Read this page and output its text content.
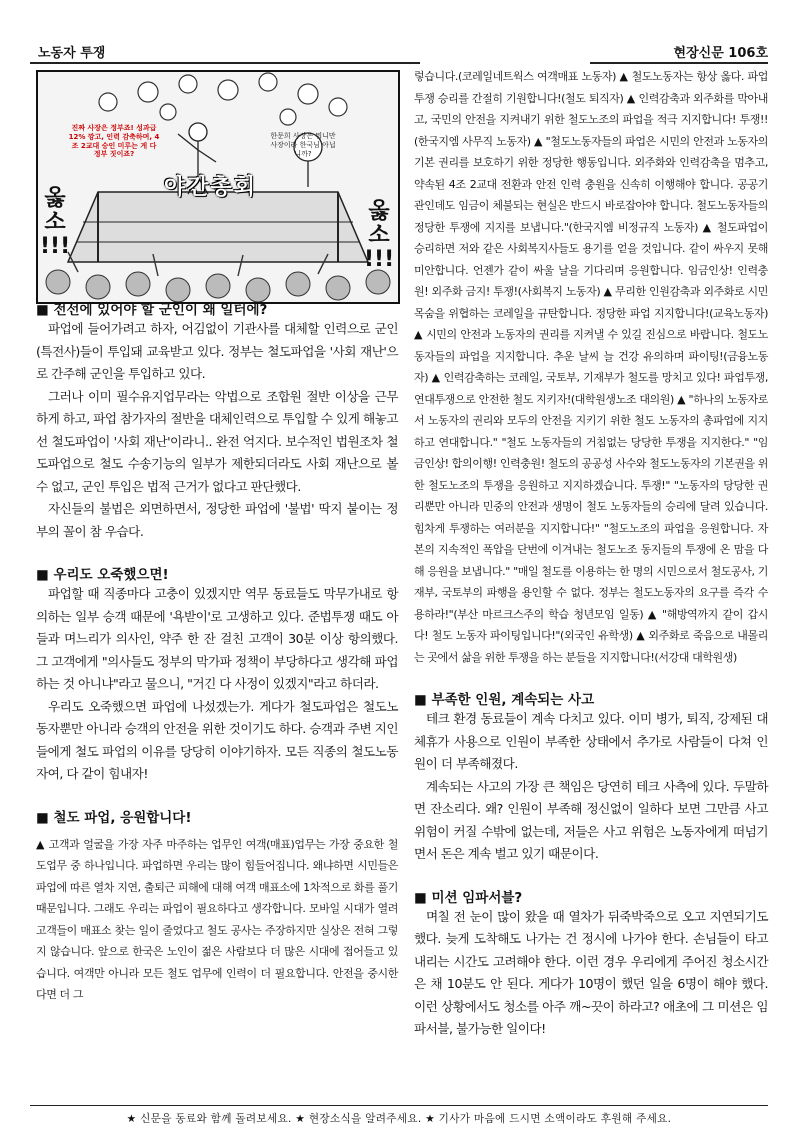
노동자 투쟁	현장신문 106호
진짜 사장은 정부죠! 성과급 12% 깡고, 인력 감축하며, 4조 2교대 승인 미루는 게 다 정부 짓이죠?
한문희 사장은 뭐니만 사장이라 한국님 아닙니까?
야간총회
옳 소 !!!
옳 소 !!!

■ 전선에 있어야 할 군인이 왜 일터에?

파업에 들어가려고 하자, 어김없이 기관사를 대체할 인력으로 군인(특전사)들이 투입돼 교육받고 있다. 정부는 철도파업을 '사회 재난'으로 간주해 군인을 투입하고 있다.

그러나 이미 필수유지업무라는 악법으로 조합원 절반 이상을 근무하게 하고, 파업 참가자의 절반을 대체인력으로 투입할 수 있게 해놓고선 철도파업이 '사회 재난'이라니.. 완전 억지다. 보수적인 법원조차 철도파업으로 철도 수송기능의 일부가 제한되더라도 사회 재난으로 볼 수 없고, 군인 투입은 법적 근거가 없다고 판단했다.

자신들의 불법은 외면하면서, 정당한 파업에 '불법' 딱지 붙이는 정부의 꼴이 참 우습다.

■ 우리도 오죽했으면!

파업할 때 직종마다 고충이 있겠지만 역무 동료들도 막무가내로 항의하는 일부 승객 때문에 '욕받이'로 고생하고 있다. 준법투쟁 때도 아들과 며느리가 의사인, 약주 한 잔 걸친 고객이 30분 이상 항의했다. 그 고객에게 "의사들도 정부의 막가파 정책이 부당하다고 생각해 파업하는 것 아니냐"라고 물으니, "거긴 다 사정이 있겠지"라고 하더라.

우리도 오죽했으면 파업에 나섰겠는가. 게다가 철도파업은 철도노동자뿐만 아니라 승객의 안전을 위한 것이기도 하다. 승객과 주변 지인들에게 철도 파업의 이유를 당당히 이야기하자. 모든 직종의 철도노동자여, 다 같이 힘내자!

■ 철도 파업, 응원합니다!

▲ 고객과 얼굴을 가장 자주 마주하는 업무인 여객(매표)업무는 가장 중요한 철도업무 중 하나입니다. 파업하면 우리는 많이 힘들어집니다. 왜냐하면 시민들은 파업에 따른 열차 지연, 출퇴근 피해에 대해 여객 매표소에 1차적으로 화를 풀기 때문입니다. 그래도 우리는 파업이 필요하다고 생각합니다. 모바일 시대가 열려 고객들이 매표소 찾는 일이 줄었다고 철도 공사는 주장하지만 실상은 전혀 그렇지 않습니다. 앞으로 한국은 노인이 젊은 사람보다 더 많은 시대에 접어들고 있습니다. 여객만 아니라 모든 철도 업무에 인력이 더 필요합니다. 안전을 중시한다면 더 그

렇습니다.(코레일네트웍스 여객매표 노동자) ▲ 철도노동자는 항상 옳다. 파업투쟁 승리를 간절히 기원합니다!(철도 퇴직자) ▲ 인력감축과 외주화를 막아내고, 국민의 안전을 지켜내기 위한 철도노조의 파업을 적극 지지합니다! 투쟁!!(한국지엠 사무직 노동자) ▲ "철도노동자들의 파업은 시민의 안전과 노동자의 기본 권리를 보호하기 위한 정당한 행동입니다. 외주화와 인력감축을 멈추고, 약속된 4조 2교대 전환과 안전 인력 충원을 신속히 이행해야 합니다. 공공기관인데도 임금이 체불되는 현실은 반드시 바로잡아야 합니다. 철도노동자들의 정당한 투쟁에 지지를 보냅니다."(한국지엠 비정규직 노동자) ▲ 철도파업이 승리하면 저와 같은 사회복지사들도 용기를 얻을 것입니다. 같이 싸우지 못해 미안합니다. 언젠가 같이 싸울 날을 기다리며 응원합니다. 임금인상! 인력충원! 외주화 금지! 투쟁!(사회복지 노동자) ▲ 무리한 인원감축과 외주화로 시민 목숨을 위협하는 코레일을 규탄합니다. 정당한 파업 지지합니다!(교육노동자) ▲ 시민의 안전과 노동자의 권리를 지켜낼 수 있길 진심으로 바랍니다. 철도노동자들의 파업을 지지합니다. 추운 날씨 늘 건강 유의하며 파이팅!(금융노동자) ▲ 인력감축하는 코레일, 국토부, 기재부가 철도를 망치고 있다! 파업투쟁, 연대투쟁으로 안전한 철도 지키자!(대학원생노조 대의원) ▲ "하나의 노동자로서 노동자의 권리와 모두의 안전을 지키기 위한 철도 노동자의 총파업에 지지하고 연대합니다." "철도 노동자들의 거침없는 당당한 투쟁을 지지한다." "임금인상! 합의이행! 인력충원! 철도의 공공성 사수와 철도노동자의 기본권을 위한 철도노조의 투쟁을 응원하고 지지하겠습니다. 투쟁!" "노동자의 당당한 권리뿐만 아니라 민중의 안전과 생명이 철도 노동자들의 승리에 달려 있습니다. 힘차게 투쟁하는 여러분을 지지합니다!" "철도노조의 파업을 응원합니다. 자본의 지속적인 폭압을 단번에 이겨내는 철도노조 동지들의 투쟁에 온 맘을 다해 응원을 보냅니다." "매일 철도를 이용하는 한 명의 시민으로서 철도공사, 기재부, 국토부의 파행을 용인할 수 없다. 정부는 철도노동자의 요구를 즉각 수용하라!"(부산 마르크스주의 학습 청년모임 일동) ▲ "해방역까지 같이 갑시다! 철도 노동자 파이팅입니다!"(외국인 유학생) ▲ 외주화로 죽음으로 내몰리는 곳에서 삶을 위한 투쟁을 하는 분들을 지지합니다!(서강대 대학원생)

■ 부족한 인원, 계속되는 사고

테크 환경 동료들이 계속 다치고 있다. 이미 병가, 퇴직, 강제된 대체휴가 사용으로 인원이 부족한 상태에서 추가로 사람들이 다쳐 인원이 더 부족해졌다.

계속되는 사고의 가장 큰 책임은 당연히 테크 사측에 있다. 두말하면 잔소리다. 왜? 인원이 부족해 정신없이 일하다 보면 그만큼 사고 위험이 커질 수밖에 없는데, 저들은 사고 위험은 노동자에게 떠넘기면서 돈은 계속 벌고 있기 때문이다.

■ 미션 임파서블?

며칠 전 눈이 많이 왔을 때 열차가 뒤죽박죽으로 오고 지연되기도 했다. 늦게 도착해도 나가는 건 정시에 나가야 한다. 손님들이 타고 내리는 시간도 고려해야 한다. 이런 경우 우리에게 주어진 청소시간은 채 10분도 안 된다. 게다가 10명이 했던 일을 6명이 해야 했다. 이런 상황에서도 청소를 아주 깨~끗이 하라고? 애초에 그 미션은 임파서블, 불가능한 일이다!

★ 신문을 동료와 함께 돌려보세요. ★ 현장소식을 알려주세요. ★ 기사가 마음에 드시면 소액이라도 후원해 주세요.
